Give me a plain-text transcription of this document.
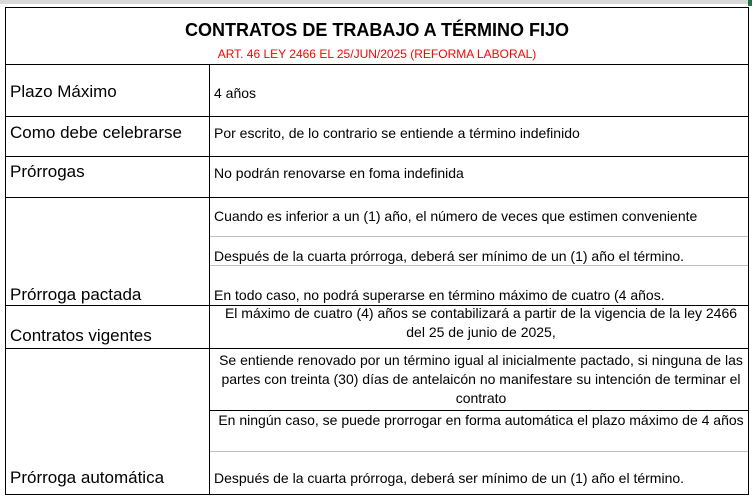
CONTRATOS DE TRABAJO A TÉRMINO FIJO
ART. 46 LEY 2466 EL 25/JUN/2025 (REFORMA LABORAL)
Plazo Máximo	4 años
Como debe celebrarse Por escrito, de lo contrario se entiende a término indefinido
Prórrogas	No podrán renovarse en foma indefinida
Prórroga pactada
Cuando es inferior a un (1) año, el número de veces que estimen conveniente
Después de la cuarta prórroga, deberá ser mínimo de un (1) año el término.
En todo caso, no podrá superarse en término máximo de cuatro (4 años.
Contratos vigentes
El máximo de cuatro (4) años se contabilizará a partir de la vigencia de la ley 2466 del 25 de junio de 2025,
Prórroga automática
Se entiende renovado por un término igual al inicialmente pactado, si ninguna de las partes con treinta (30) días de antelaicón no manifestare su intención de terminar el contrato
En ningún caso, se puede prorrogar en forma automática el plazo máximo de 4 años
Después de la cuarta prórroga, deberá ser mínimo de un (1) año el término.
